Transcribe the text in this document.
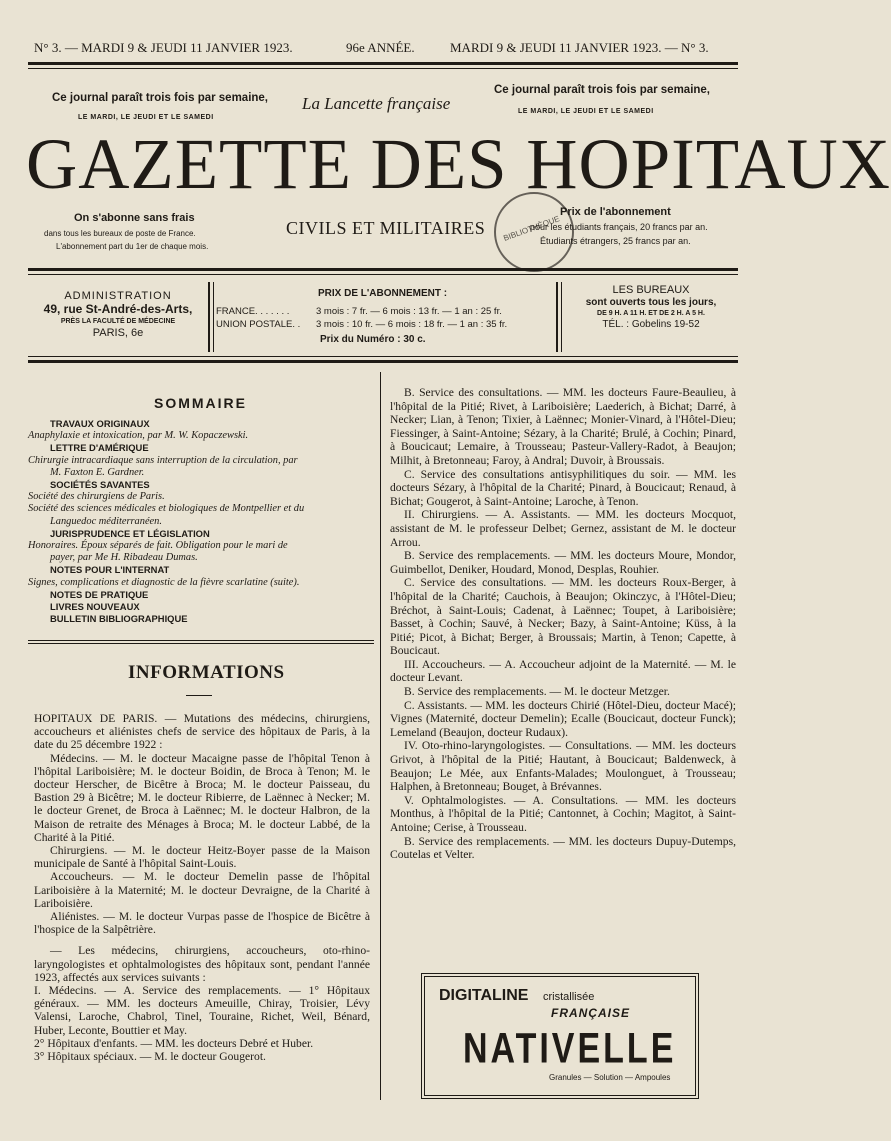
N° 3. — MARDI 9 & JEUDI 11 JANVIER 1923.	96e ANNÉE.	MARDI 9 & JEUDI 11 JANVIER 1923. — N° 3.
Ce journal paraît trois fois par semaine,
LE MARDI, LE JEUDI ET LE SAMEDI
La Lancette française
Ce journal paraît trois fois par semaine,
LE MARDI, LE JEUDI ET LE SAMEDI
GAZETTE DES HOPITAUX
On s'abonne sans frais
dans tous les bureaux de poste de France.
L'abonnement part du 1er de chaque mois.
CIVILS ET MILITAIRES BIBLIOTHÈQUE
Prix de l'abonnement
pour les étudiants français, 20 francs par an.
Étudiants étrangers, 25 francs par an.
ADMINISTRATION
49, rue St-André-des-Arts,
PRÈS LA FACULTÉ DE MÉDECINE
PARIS, 6e
PRIX DE L'ABONNEMENT :
FRANCE. . . . . . .	3 mois : 7 fr. — 6 mois : 13 fr. — 1 an : 25 fr.
UNION POSTALE. . 3 mois : 10 fr. — 6 mois : 18 fr. — 1 an : 35 fr.
Prix du Numéro : 30 c.
LES BUREAUX
sont ouverts tous les jours,
DE 9 H. A 11 H. ET DE 2 H. A 5 H.
TÉL. : Gobelins 19-52
SOMMAIRE

TRAVAUX ORIGINAUX

Anaphylaxie et intoxication, par M. W. Kopaczewski.

LETTRE D'AMÉRIQUE

Chirurgie intracardiaque sans interruption de la circulation, par

M. Faxton E. Gardner.

SOCIÉTÉS SAVANTES

Société des chirurgiens de Paris.

Société des sciences médicales et biologiques de Montpellier et du

Languedoc méditerranéen.

JURISPRUDENCE ET LÉGISLATION

Honoraires. Époux séparés de fait. Obligation pour le mari de

payer, par Me H. Ribadeau Dumas.

NOTES POUR L'INTERNAT

Signes, complications et diagnostic de la fièvre scarlatine (suite).

NOTES DE PRATIQUE

LIVRES NOUVEAUX

BULLETIN BIBLIOGRAPHIQUE

INFORMATIONS

HOPITAUX DE PARIS. — Mutations des médecins, chirurgiens, accoucheurs et aliénistes chefs de service des hôpitaux de Paris, à la date du 25 décembre 1922 :

Médecins. — M. le docteur Macaigne passe de l'hôpital Tenon à l'hôpital Lariboisière; M. le docteur Boidin, de Broca à Tenon; M. le docteur Herscher, de Bicêtre à Broca; M. le docteur Paisseau, du Bastion 29 à Bicêtre; M. le docteur Ribierre, de Laënnec à Necker; M. le docteur Grenet, de Broca à Laënnec; M. le docteur Halbron, de la Maison de retraite des Ménages à Broca; M. le docteur Labbé, de la Charité à la Pitié.

Chirurgiens. — M. le docteur Heitz-Boyer passe de la Maison municipale de Santé à l'hôpital Saint-Louis.

Accoucheurs. — M. le docteur Demelin passe de l'hôpital Lariboisière à la Maternité; M. le docteur Devraigne, de la Charité à Lariboisière.

Aliénistes. — M. le docteur Vurpas passe de l'hospice de Bicêtre à l'hospice de la Salpêtrière.

— Les médecins, chirurgiens, accoucheurs, oto-rhino-laryngologistes et ophtalmologistes des hôpitaux sont, pendant l'année 1923, affectés aux services suivants :

I. Médecins. — A. Service des remplacements. — 1° Hôpitaux généraux. — MM. les docteurs Ameuille, Chiray, Troisier, Lévy Valensi, Laroche, Chabrol, Tinel, Touraine, Richet, Weil, Bénard, Huber, Leconte, Bouttier et May.

2° Hôpitaux d'enfants. — MM. les docteurs Debré et Huber.

3° Hôpitaux spéciaux. — M. le docteur Gougerot.

B. Service des consultations. — MM. les docteurs Faure-Beaulieu, à l'hôpital de la Pitié; Rivet, à Lariboisière; Laederich, à Bichat; Darré, à Necker; Lian, à Tenon; Tixier, à Laënnec; Monier-Vinard, à l'Hôtel-Dieu; Fiessinger, à Saint-Antoine; Sézary, à la Charité; Brulé, à Cochin; Pinard, à Boucicaut; Lemaire, à Trousseau; Pasteur-Vallery-Radot, à Beaujon; Milhit, à Bretonneau; Faroy, à Andral; Duvoir, à Broussais.

C. Service des consultations antisyphilitiques du soir. — MM. les docteurs Sézary, à l'hôpital de la Charité; Pinard, à Boucicaut; Renaud, à Bichat; Gougerot, à Saint-Antoine; Laroche, à Tenon.

II. Chirurgiens. — A. Assistants. — MM. les docteurs Mocquot, assistant de M. le professeur Delbet; Gernez, assistant de M. le docteur Arrou.

B. Service des remplacements. — MM. les docteurs Moure, Mondor, Guimbellot, Deniker, Houdard, Monod, Desplas, Rouhier.

C. Service des consultations. — MM. les docteurs Roux-Berger, à l'hôpital de la Charité; Cauchois, à Beaujon; Okinczyc, à l'Hôtel-Dieu; Bréchot, à Saint-Louis; Cadenat, à Laënnec; Toupet, à Lariboisière; Basset, à Cochin; Sauvé, à Necker; Bazy, à Saint-Antoine; Küss, à la Pitié; Picot, à Bichat; Berger, à Broussais; Martin, à Tenon; Capette, à Boucicaut.

III. Accoucheurs. — A. Accoucheur adjoint de la Maternité. — M. le docteur Levant.

B. Service des remplacements. — M. le docteur Metzger.

C. Assistants. — MM. les docteurs Chirié (Hôtel-Dieu, docteur Macé); Vignes (Maternité, docteur Demelin); Ecalle (Boucicaut, docteur Funck); Lemeland (Beaujon, docteur Rudaux).

IV. Oto-rhino-laryngologistes. — Consultations. — MM. les docteurs Grivot, à l'hôpital de la Pitié; Hautant, à Boucicaut; Baldenweck, à Beaujon; Le Mée, aux Enfants-Malades; Moulonguet, à Trousseau; Halphen, à Bretonneau; Bouget, à Brévannes.

V. Ophtalmologistes. — A. Consultations. — MM. les docteurs Monthus, à l'hôpital de la Pitié; Cantonnet, à Cochin; Magitot, à Saint-Antoine; Cerise, à Trousseau.

B. Service des remplacements. — MM. les docteurs Dupuy-Dutemps, Coutelas et Velter.

DIGITALINE cristallisée
FRANÇAISE
NATIVELLE
Granules — Solution — Ampoules
